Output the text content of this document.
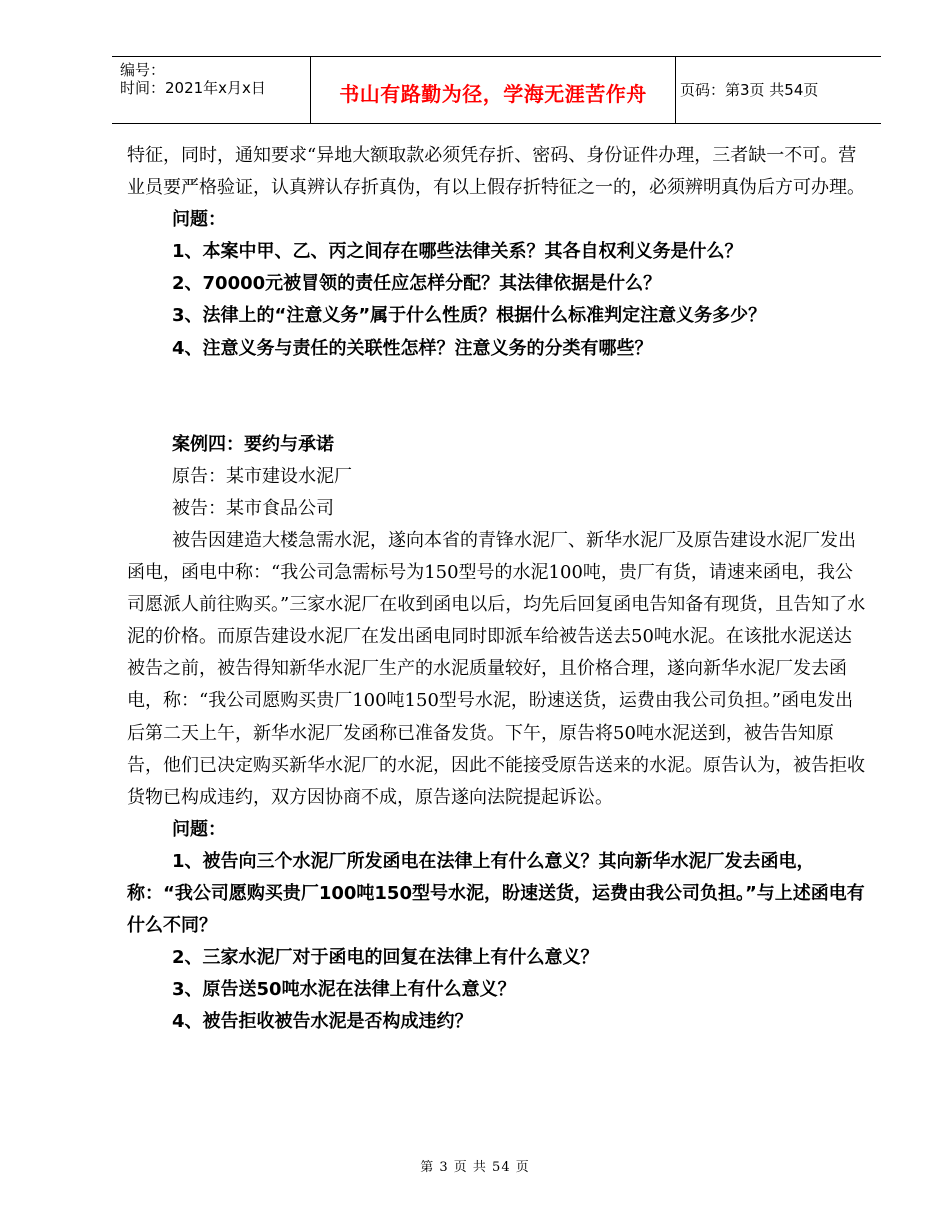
编号：
时间：2021年x月x日	书山有路勤为径，学海无涯苦作舟	页码：第3页 共54页

特征，同时，通知要求“异地大额取款必须凭存折、密码、身份证件办理，三者缺一不可。营业员要严格验证，认真辨认存折真伪，有以上假存折特征之一的，必须辨明真伪后方可办理。

问题：

1、本案中甲、乙、丙之间存在哪些法律关系？其各自权利义务是什么？

2、70000元被冒领的责任应怎样分配？其法律依据是什么？

3、法律上的“注意义务”属于什么性质？根据什么标准判定注意义务多少？

4、注意义务与责任的关联性怎样？注意义务的分类有哪些？

案例四：要约与承诺

原告：某市建设水泥厂

被告：某市食品公司

被告因建造大楼急需水泥，遂向本省的青锋水泥厂、新华水泥厂及原告建设水泥厂发出函电，函电中称：“我公司急需标号为150型号的水泥100吨，贵厂有货，请速来函电，我公司愿派人前往购买。”三家水泥厂在收到函电以后，均先后回复函电告知备有现货，且告知了水泥的价格。而原告建设水泥厂在发出函电同时即派车给被告送去50吨水泥。在该批水泥送达被告之前，被告得知新华水泥厂生产的水泥质量较好，且价格合理，遂向新华水泥厂发去函电，称：“我公司愿购买贵厂100吨150型号水泥，盼速送货，运费由我公司负担。”函电发出后第二天上午，新华水泥厂发函称已准备发货。下午，原告将50吨水泥送到，被告告知原告，他们已决定购买新华水泥厂的水泥，因此不能接受原告送来的水泥。原告认为，被告拒收货物已构成违约，双方因协商不成，原告遂向法院提起诉讼。

问题：

1、被告向三个水泥厂所发函电在法律上有什么意义？其向新华水泥厂发去函电，称：“我公司愿购买贵厂100吨150型号水泥，盼速送货，运费由我公司负担。”与上述函电有什么不同？

2、三家水泥厂对于函电的回复在法律上有什么意义？

3、原告送50吨水泥在法律上有什么意义？

4、被告拒收被告水泥是否构成违约？

第 3 页 共 54 页
